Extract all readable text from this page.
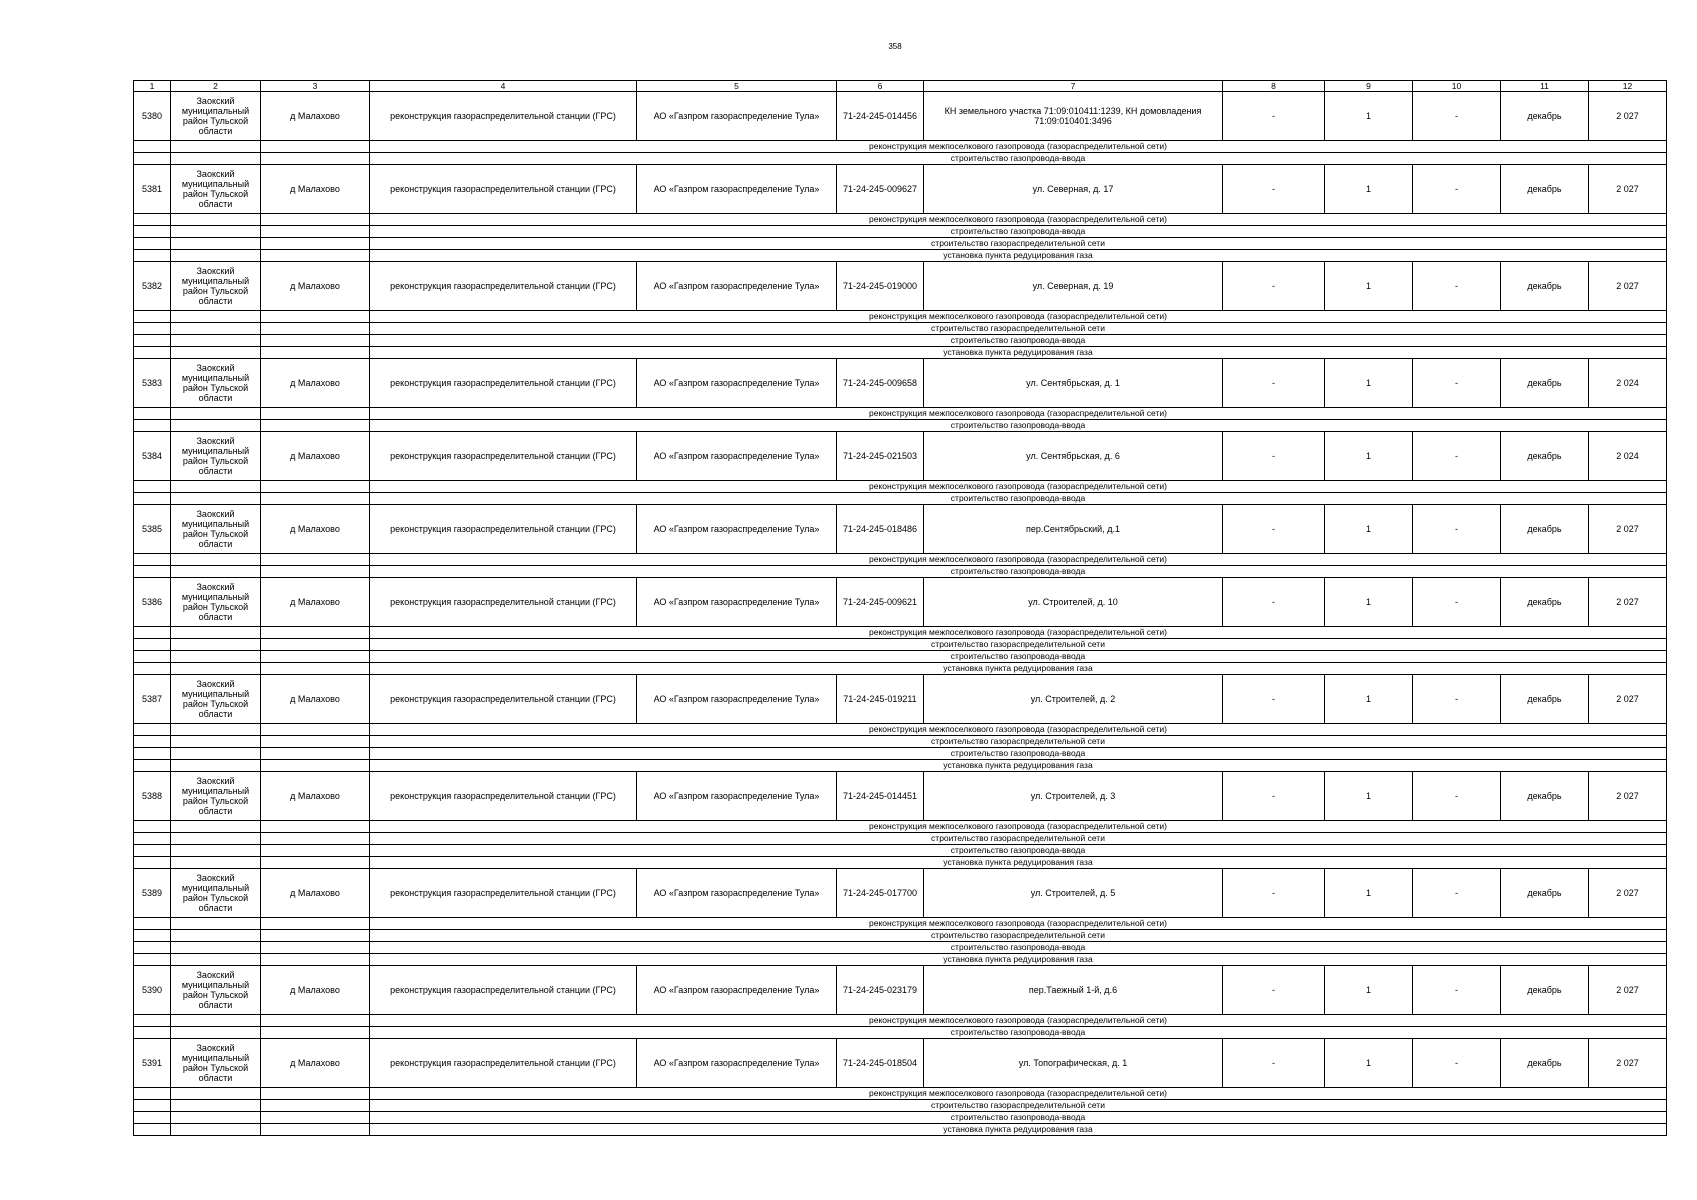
358
1	2	3	4	5	6	7	8	9	10	11	12
5380	Заокский муниципальный район Тульской области	д Малахово	реконструкция газораспределительной станции (ГРС)	АО «Газпром газораспределение Тула»	71-24-245-014456	КН земельного участка 71:09:010411:1239, КН домовладения 71:09:010401:3496	-	1	-	декабрь	2 027
			реконструкция межпоселкового газопровода (газораспределительной сети)								
			строительство газопровода-ввода								
5381	Заокский муниципальный район Тульской области	д Малахово	реконструкция газораспределительной станции (ГРС)	АО «Газпром газораспределение Тула»	71-24-245-009627	ул. Северная, д. 17	-	1	-	декабрь	2 027
			реконструкция межпоселкового газопровода (газораспределительной сети)								
			строительство газопровода-ввода								
			строительство газораспределительной сети								
			установка пункта редуцирования газа								
5382	Заокский муниципальный район Тульской области	д Малахово	реконструкция газораспределительной станции (ГРС)	АО «Газпром газораспределение Тула»	71-24-245-019000	ул. Северная, д. 19	-	1	-	декабрь	2 027
			реконструкция межпоселкового газопровода (газораспределительной сети)								
			строительство газораспределительной сети								
			строительство газопровода-ввода								
			установка пункта редуцирования газа								
5383	Заокский муниципальный район Тульской области	д Малахово	реконструкция газораспределительной станции (ГРС)	АО «Газпром газораспределение Тула»	71-24-245-009658	ул. Сентябрьская, д. 1	-	1	-	декабрь	2 024
			реконструкция межпоселкового газопровода (газораспределительной сети)								
			строительство газопровода-ввода								
5384	Заокский муниципальный район Тульской области	д Малахово	реконструкция газораспределительной станции (ГРС)	АО «Газпром газораспределение Тула»	71-24-245-021503	ул. Сентябрьская, д. 6	-	1	-	декабрь	2 024
			реконструкция межпоселкового газопровода (газораспределительной сети)								
			строительство газопровода-ввода								
5385	Заокский муниципальный район Тульской области	д Малахово	реконструкция газораспределительной станции (ГРС)	АО «Газпром газораспределение Тула»	71-24-245-018486	пер.Сентябрьский, д.1	-	1	-	декабрь	2 027
			реконструкция межпоселкового газопровода (газораспределительной сети)								
			строительство газопровода-ввода								
5386	Заокский муниципальный район Тульской области	д Малахово	реконструкция газораспределительной станции (ГРС)	АО «Газпром газораспределение Тула»	71-24-245-009621	ул. Строителей, д. 10	-	1	-	декабрь	2 027
			реконструкция межпоселкового газопровода (газораспределительной сети)								
			строительство газораспределительной сети								
			строительство газопровода-ввода								
			установка пункта редуцирования газа								
5387	Заокский муниципальный район Тульской области	д Малахово	реконструкция газораспределительной станции (ГРС)	АО «Газпром газораспределение Тула»	71-24-245-019211	ул. Строителей, д. 2	-	1	-	декабрь	2 027
			реконструкция межпоселкового газопровода (газораспределительной сети)								
			строительство газораспределительной сети								
			строительство газопровода-ввода								
			установка пункта редуцирования газа								
5388	Заокский муниципальный район Тульской области	д Малахово	реконструкция газораспределительной станции (ГРС)	АО «Газпром газораспределение Тула»	71-24-245-014451	ул. Строителей, д. 3	-	1	-	декабрь	2 027
			реконструкция межпоселкового газопровода (газораспределительной сети)								
			строительство газораспределительной сети								
			строительство газопровода-ввода								
			установка пункта редуцирования газа								
5389	Заокский муниципальный район Тульской области	д Малахово	реконструкция газораспределительной станции (ГРС)	АО «Газпром газораспределение Тула»	71-24-245-017700	ул. Строителей, д. 5	-	1	-	декабрь	2 027
			реконструкция межпоселкового газопровода (газораспределительной сети)								
			строительство газораспределительной сети								
			строительство газопровода-ввода								
			установка пункта редуцирования газа								
5390	Заокский муниципальный район Тульской области	д Малахово	реконструкция газораспределительной станции (ГРС)	АО «Газпром газораспределение Тула»	71-24-245-023179	пер.Таежный 1-й, д.6	-	1	-	декабрь	2 027
			реконструкция межпоселкового газопровода (газораспределительной сети)								
			строительство газопровода-ввода								
5391	Заокский муниципальный район Тульской области	д Малахово	реконструкция газораспределительной станции (ГРС)	АО «Газпром газораспределение Тула»	71-24-245-018504	ул. Топографическая, д. 1	-	1	-	декабрь	2 027
			реконструкция межпоселкового газопровода (газораспределительной сети)								
			строительство газораспределительной сети								
			строительство газопровода-ввода								
			установка пункта редуцирования газа								
